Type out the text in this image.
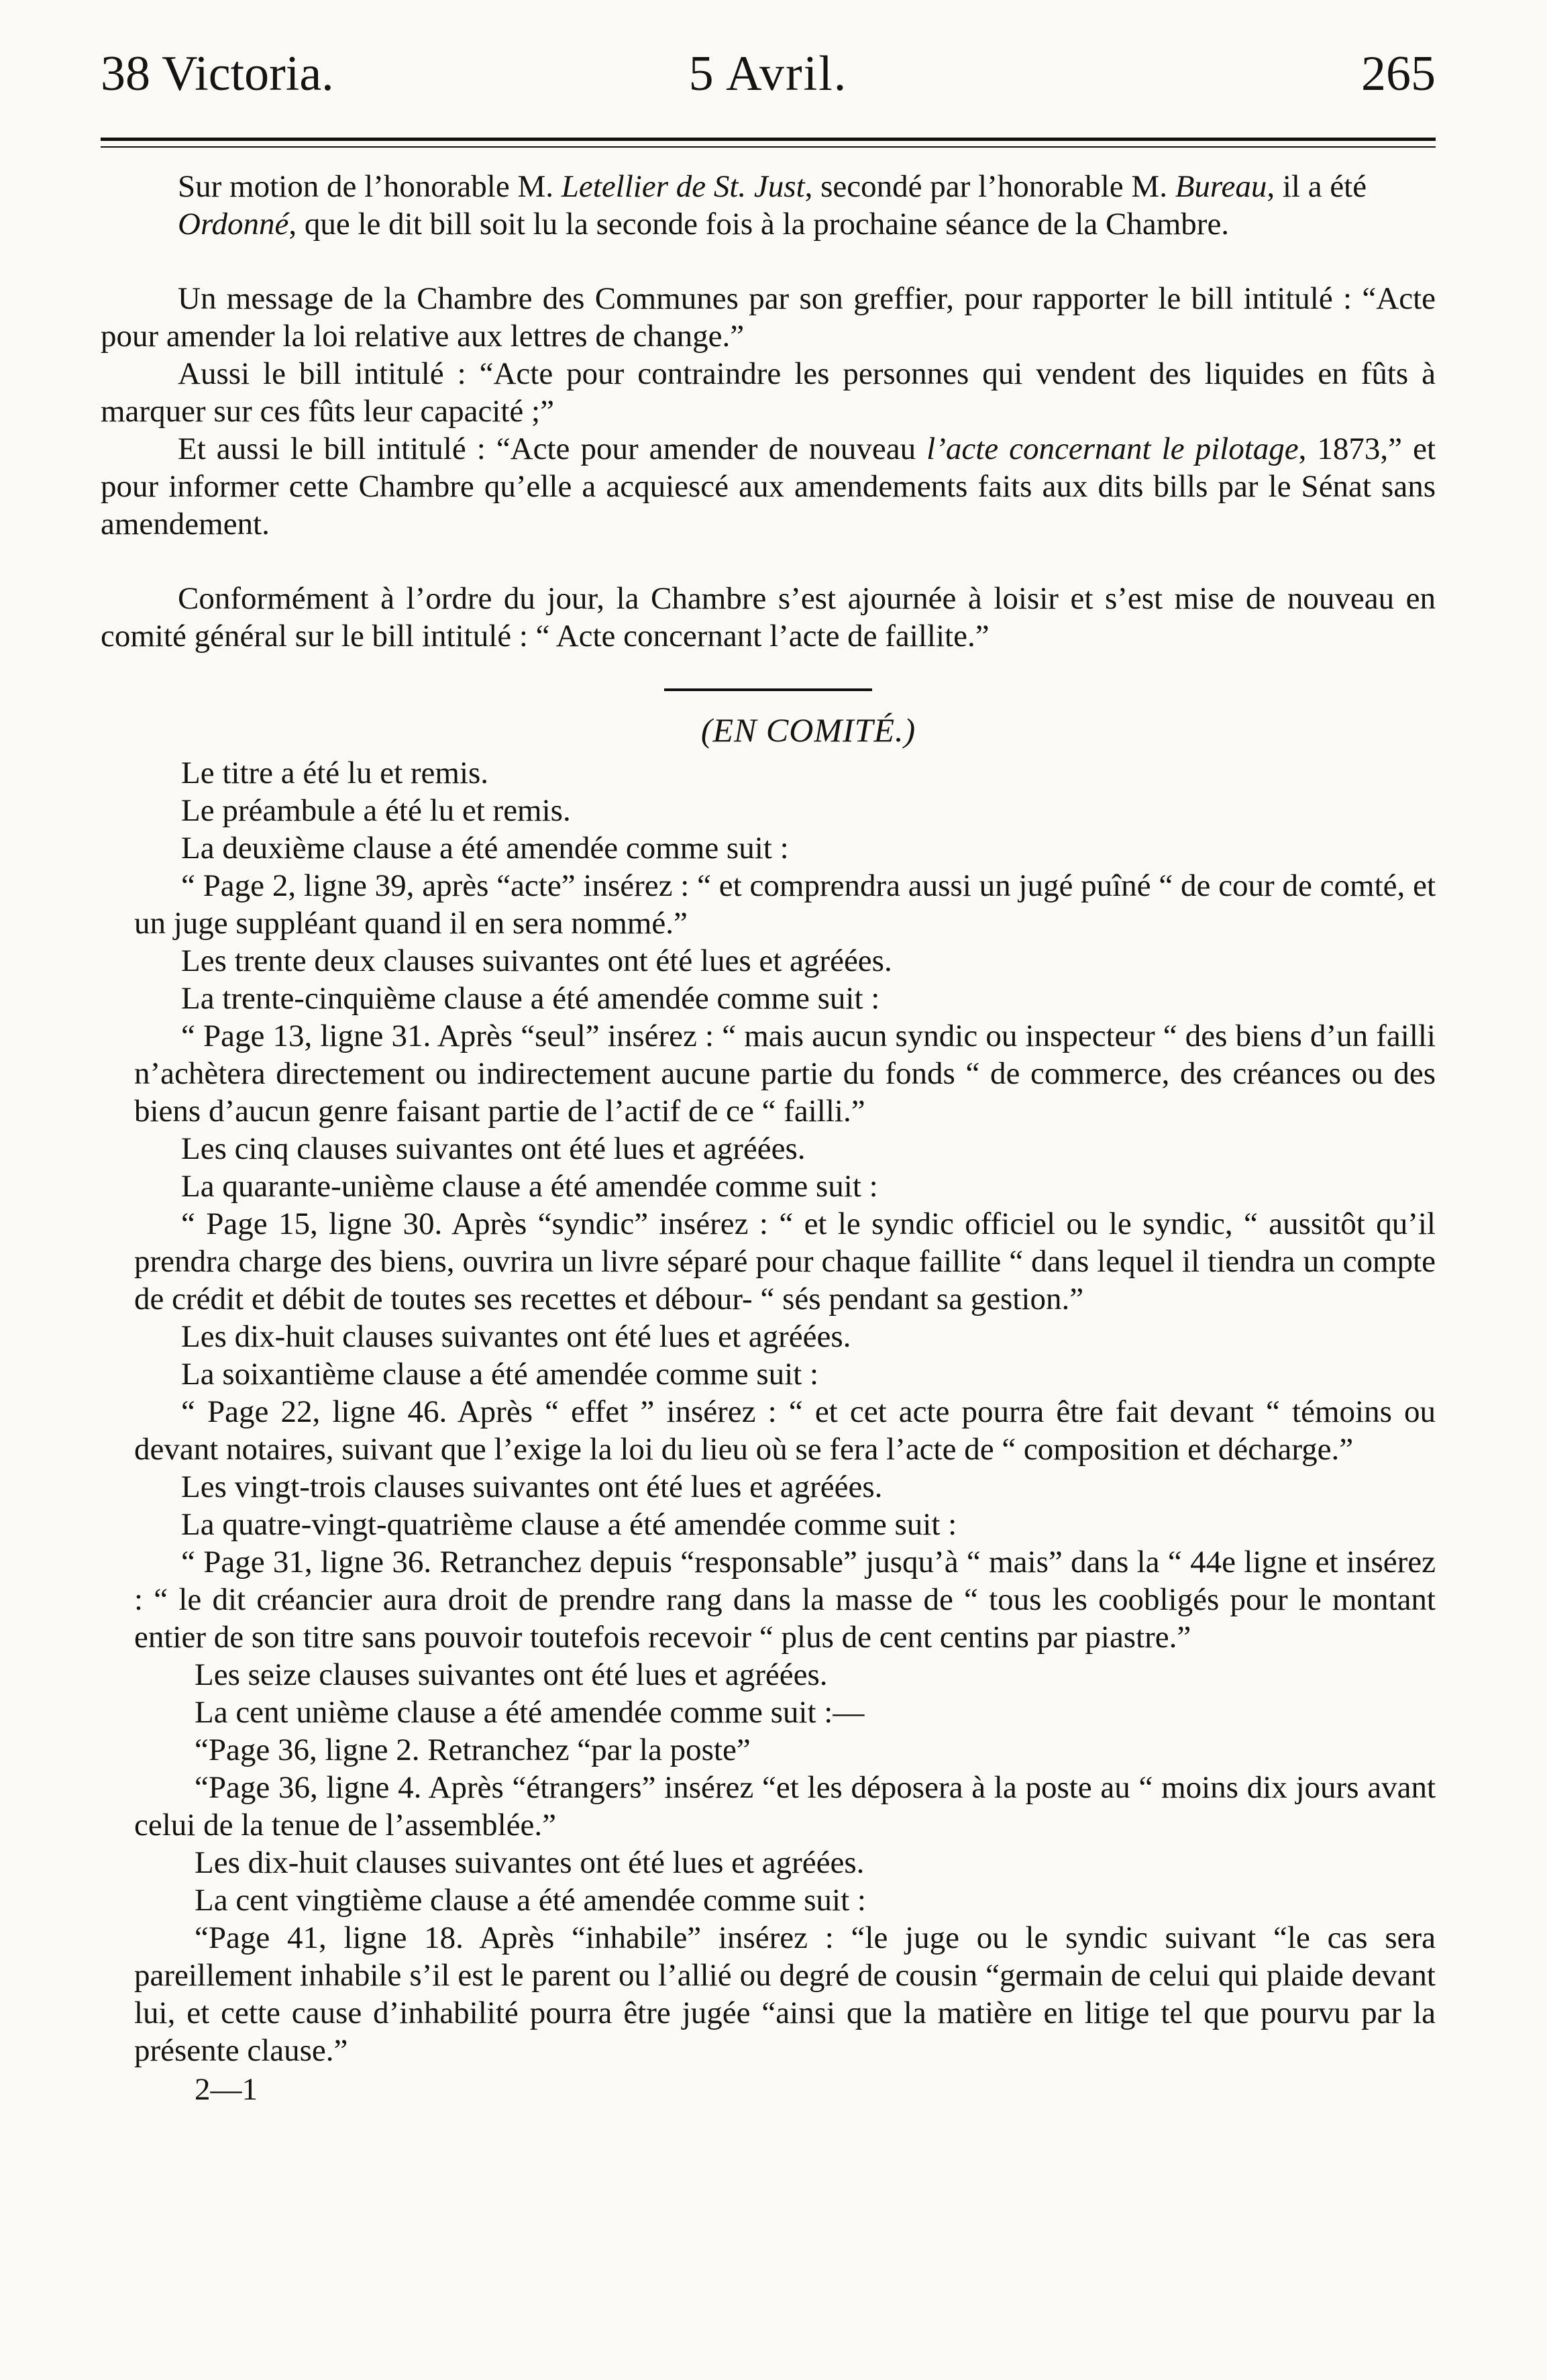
38 Victoria.	5 Avril.	265

Sur motion de l’honorable M. Letellier de St. Just, secondé par l’honorable M. Bureau, il a été

Ordonné, que le dit bill soit lu la seconde fois à la prochaine séance de la Chambre.

Un message de la Chambre des Communes par son greffier, pour rapporter le bill intitulé : “Acte pour amender la loi relative aux lettres de change.”

Aussi le bill intitulé : “Acte pour contraindre les personnes qui vendent des liquides en fûts à marquer sur ces fûts leur capacité ;”

Et aussi le bill intitulé : “Acte pour amender de nouveau l’acte concernant le pilotage, 1873,” et pour informer cette Chambre qu’elle a acquiescé aux amendements faits aux dits bills par le Sénat sans amendement.

Conformément à l’ordre du jour, la Chambre s’est ajournée à loisir et s’est mise de nouveau en comité général sur le bill intitulé : “ Acte concernant l’acte de faillite.”

(EN COMITÉ.)
Le titre a été lu et remis.
Le préambule a été lu et remis.
La deuxième clause a été amendée comme suit :
“ Page 2, ligne 39, après “acte” insérez : “ et comprendra aussi un jugé puîné “ de cour de comté, et un juge suppléant quand il en sera nommé.”
Les trente deux clauses suivantes ont été lues et agréées.
La trente-cinquième clause a été amendée comme suit :
“ Page 13, ligne 31. Après “seul” insérez : “ mais aucun syndic ou inspecteur “ des biens d’un failli n’achètera directement ou indirectement aucune partie du fonds “ de commerce, des créances ou des biens d’aucun genre faisant partie de l’actif de ce “ failli.”
Les cinq clauses suivantes ont été lues et agréées.
La quarante-unième clause a été amendée comme suit :
“ Page 15, ligne 30. Après “syndic” insérez : “ et le syndic officiel ou le syndic, “ aussitôt qu’il prendra charge des biens, ouvrira un livre séparé pour chaque faillite “ dans lequel il tiendra un compte de crédit et débit de toutes ses recettes et débour- “ sés pendant sa gestion.”
Les dix-huit clauses suivantes ont été lues et agréées.
La soixantième clause a été amendée comme suit :
“ Page 22, ligne 46. Après “ effet ” insérez : “ et cet acte pourra être fait devant “ témoins ou devant notaires, suivant que l’exige la loi du lieu où se fera l’acte de “ composition et décharge.”
Les vingt-trois clauses suivantes ont été lues et agréées.
La quatre-vingt-quatrième clause a été amendée comme suit :
“ Page 31, ligne 36. Retranchez depuis “responsable” jusqu’à “ mais” dans la “ 44e ligne et insérez : “ le dit créancier aura droit de prendre rang dans la masse de “ tous les coobligés pour le montant entier de son titre sans pouvoir toutefois recevoir “ plus de cent centins par piastre.”
Les seize clauses suivantes ont été lues et agréées.
La cent unième clause a été amendée comme suit :—
“Page 36, ligne 2. Retranchez “par la poste”
“Page 36, ligne 4. Après “étrangers” insérez “et les déposera à la poste au “ moins dix jours avant celui de la tenue de l’assemblée.”
Les dix-huit clauses suivantes ont été lues et agréées.
La cent vingtième clause a été amendée comme suit :
“Page 41, ligne 18. Après “inhabile” insérez : “le juge ou le syndic suivant “le cas sera pareillement inhabile s’il est le parent ou l’allié ou degré de cousin “germain de celui qui plaide devant lui, et cette cause d’inhabilité pourra être jugée “ainsi que la matière en litige tel que pourvu par la présente clause.”
2—1
